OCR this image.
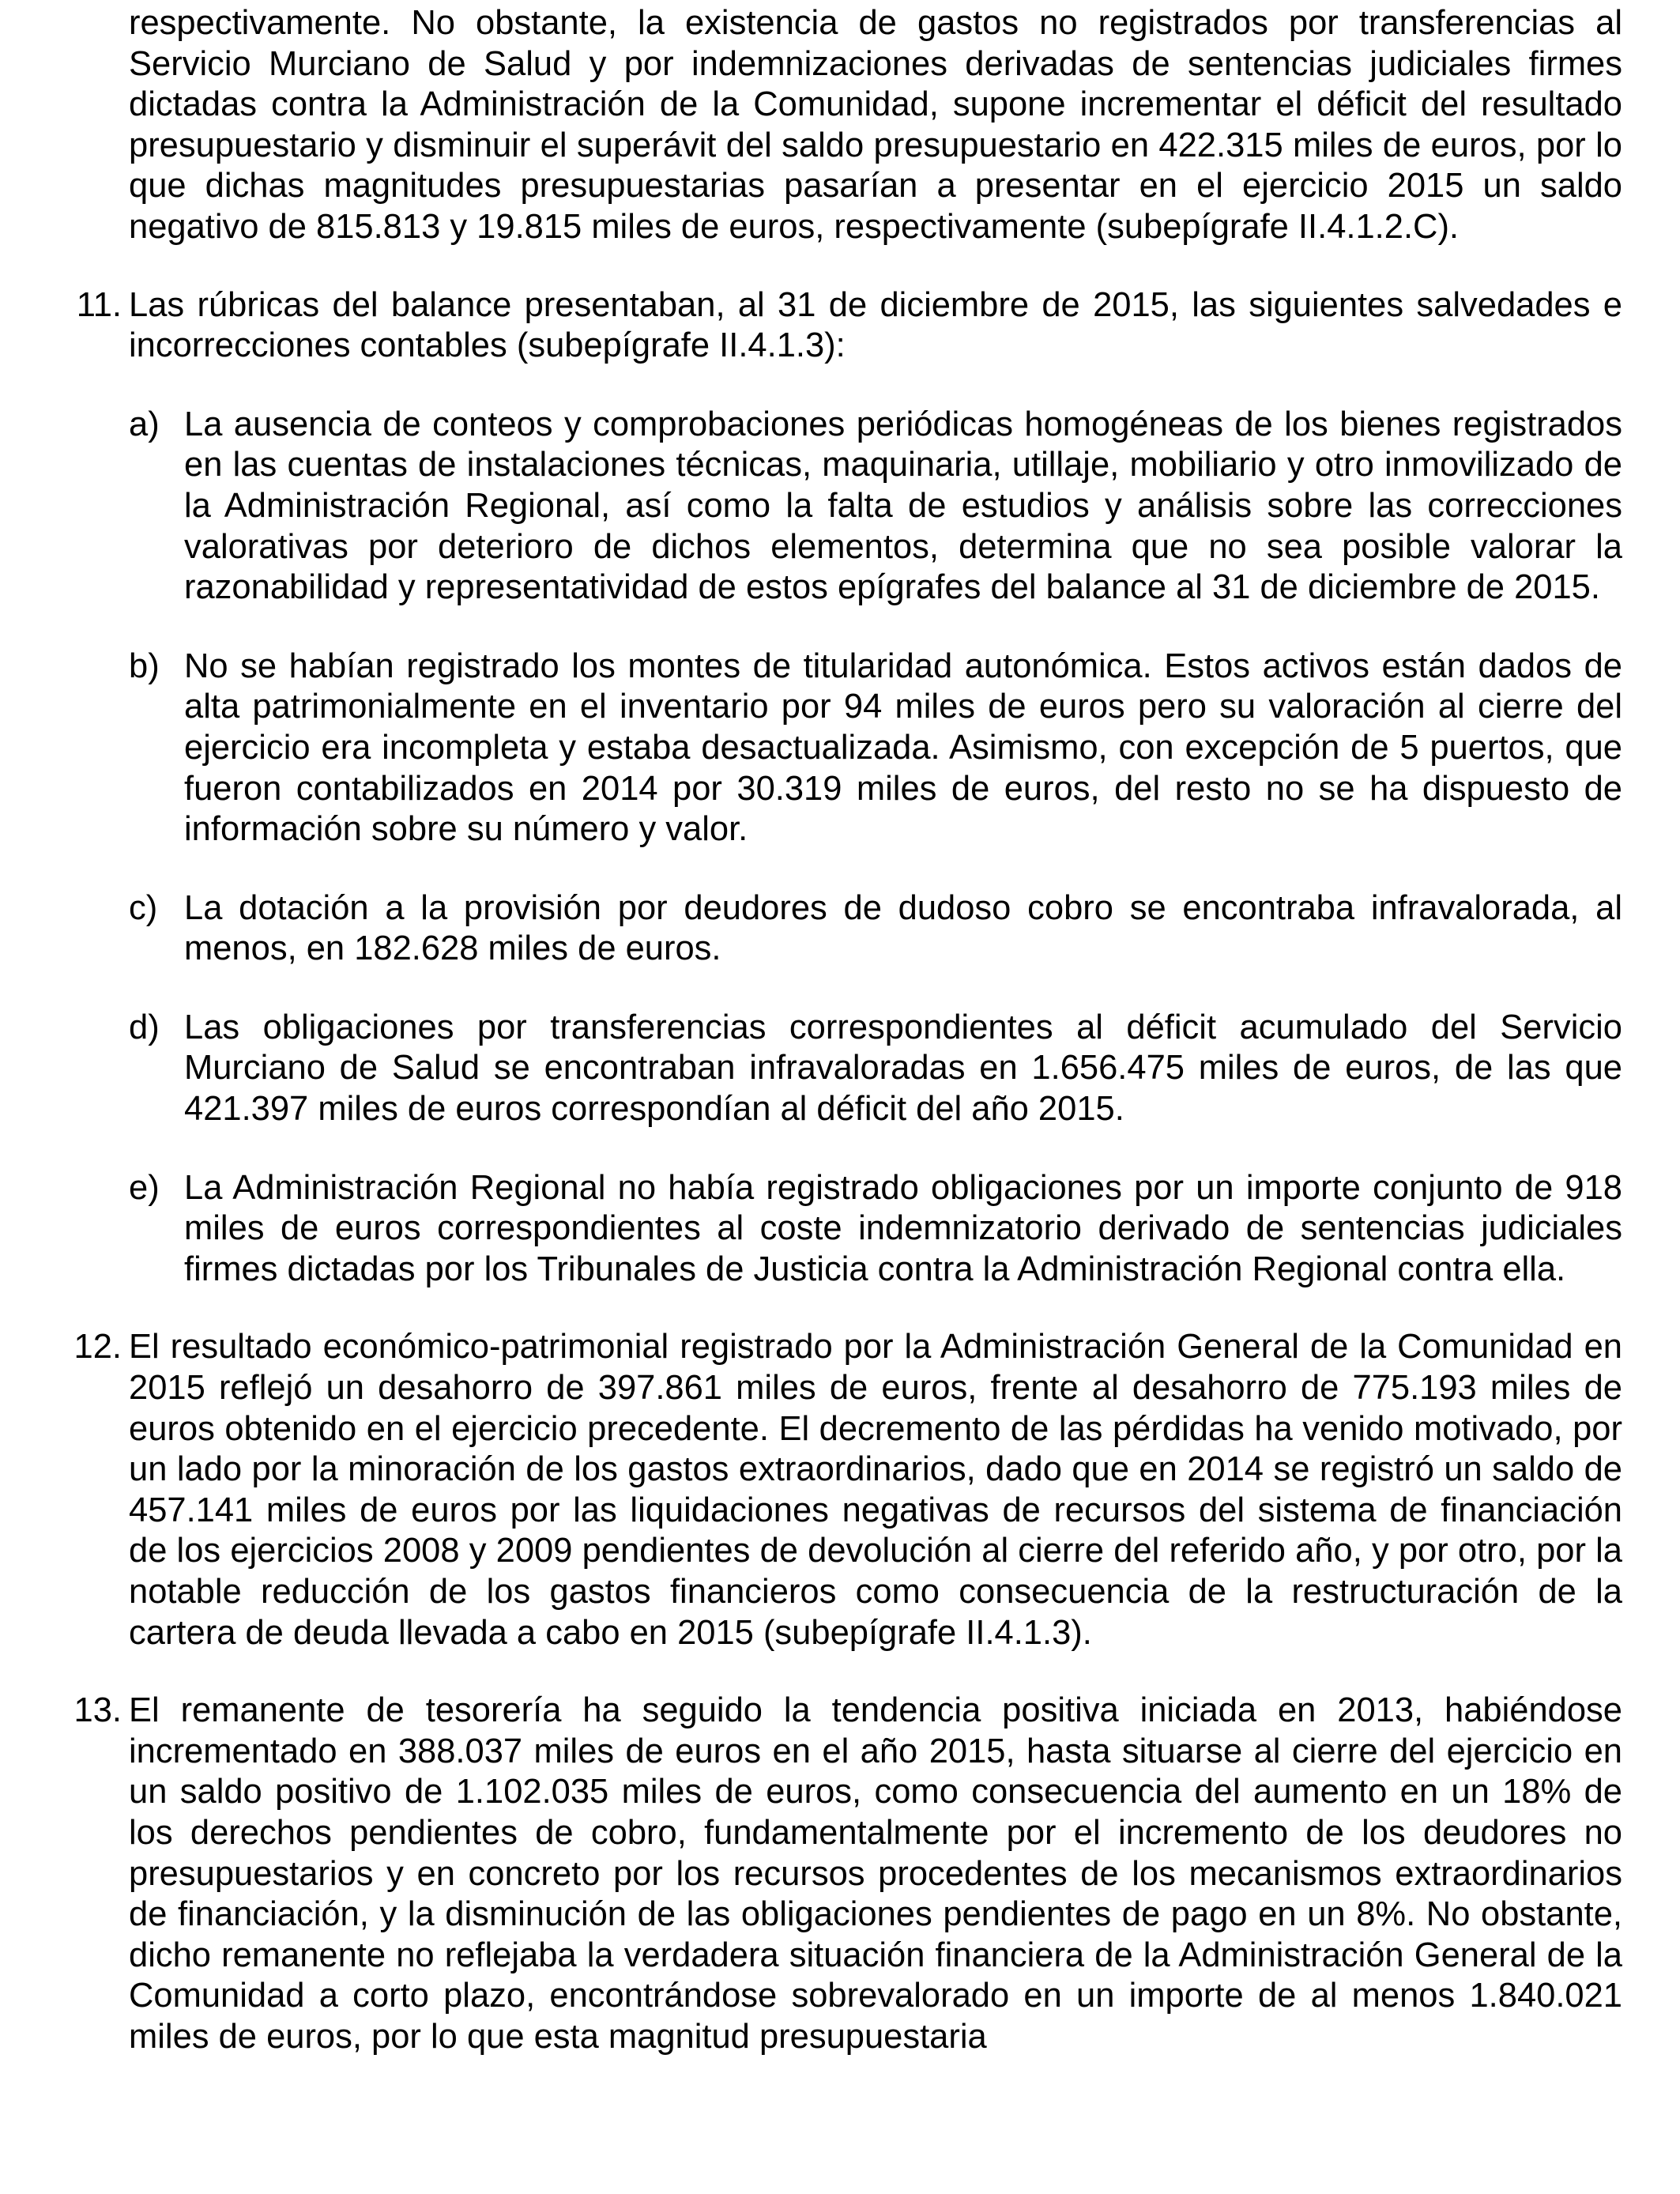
respectivamente. No obstante, la existencia de gastos no registrados por transferencias al Servicio Murciano de Salud y por indemnizaciones derivadas de sentencias judiciales firmes dictadas contra la Administración de la Comunidad, supone incrementar el déficit del resultado presupuestario y disminuir el superávit del saldo presupuestario en 422.315 miles de euros, por lo que dichas magnitudes presupuestarias pasarían a presentar en el ejercicio 2015 un saldo negativo de 815.813 y 19.815 miles de euros, respectivamente (subepígrafe II.4.1.2.C).

11. Las rúbricas del balance presentaban, al 31 de diciembre de 2015, las siguientes salvedades e incorrecciones contables (subepígrafe II.4.1.3):

a) La ausencia de conteos y comprobaciones periódicas homogéneas de los bienes registrados en las cuentas de instalaciones técnicas, maquinaria, utillaje, mobiliario y otro inmovilizado de la Administración Regional, así como la falta de estudios y análisis sobre las correcciones valorativas por deterioro de dichos elementos, determina que no sea posible valorar la razonabilidad y representatividad de estos epígrafes del balance al 31 de diciembre de 2015.

b) No se habían registrado los montes de titularidad autonómica. Estos activos están dados de alta patrimonialmente en el inventario por 94 miles de euros pero su valoración al cierre del ejercicio era incompleta y estaba desactualizada. Asimismo, con excepción de 5 puertos, que fueron contabilizados en 2014 por 30.319 miles de euros, del resto no se ha dispuesto de información sobre su número y valor.

c) La dotación a la provisión por deudores de dudoso cobro se encontraba infravalorada, al menos, en 182.628 miles de euros.

d) Las obligaciones por transferencias correspondientes al déficit acumulado del Servicio Murciano de Salud se encontraban infravaloradas en 1.656.475 miles de euros, de las que 421.397 miles de euros correspondían al déficit del año 2015.

e) La Administración Regional no había registrado obligaciones por un importe conjunto de 918 miles de euros correspondientes al coste indemnizatorio derivado de sentencias judiciales firmes dictadas por los Tribunales de Justicia contra la Administración Regional contra ella.

12. El resultado económico-patrimonial registrado por la Administración General de la Comunidad en 2015 reflejó un desahorro de 397.861 miles de euros, frente al desahorro de 775.193 miles de euros obtenido en el ejercicio precedente. El decremento de las pérdidas ha venido motivado, por un lado por la minoración de los gastos extraordinarios, dado que en 2014 se registró un saldo de 457.141 miles de euros por las liquidaciones negativas de recursos del sistema de financiación de los ejercicios 2008 y 2009 pendientes de devolución al cierre del referido año, y por otro, por la notable reducción de los gastos financieros como consecuencia de la restructuración de la cartera de deuda llevada a cabo en 2015 (subepígrafe II.4.1.3).

13. El remanente de tesorería ha seguido la tendencia positiva iniciada en 2013, habiéndose incrementado en 388.037 miles de euros en el año 2015, hasta situarse al cierre del ejercicio en un saldo positivo de 1.102.035 miles de euros, como consecuencia del aumento en un 18% de los derechos pendientes de cobro, fundamentalmente por el incremento de los deudores no presupuestarios y en concreto por los recursos procedentes de los mecanismos extraordinarios de financiación, y la disminución de las obligaciones pendientes de pago en un 8%. No obstante, dicho remanente no reflejaba la verdadera situación financiera de la Administración General de la Comunidad a corto plazo, encontrándose sobrevalorado en un importe de al menos 1.840.021 miles de euros, por lo que esta magnitud presupuestaria
